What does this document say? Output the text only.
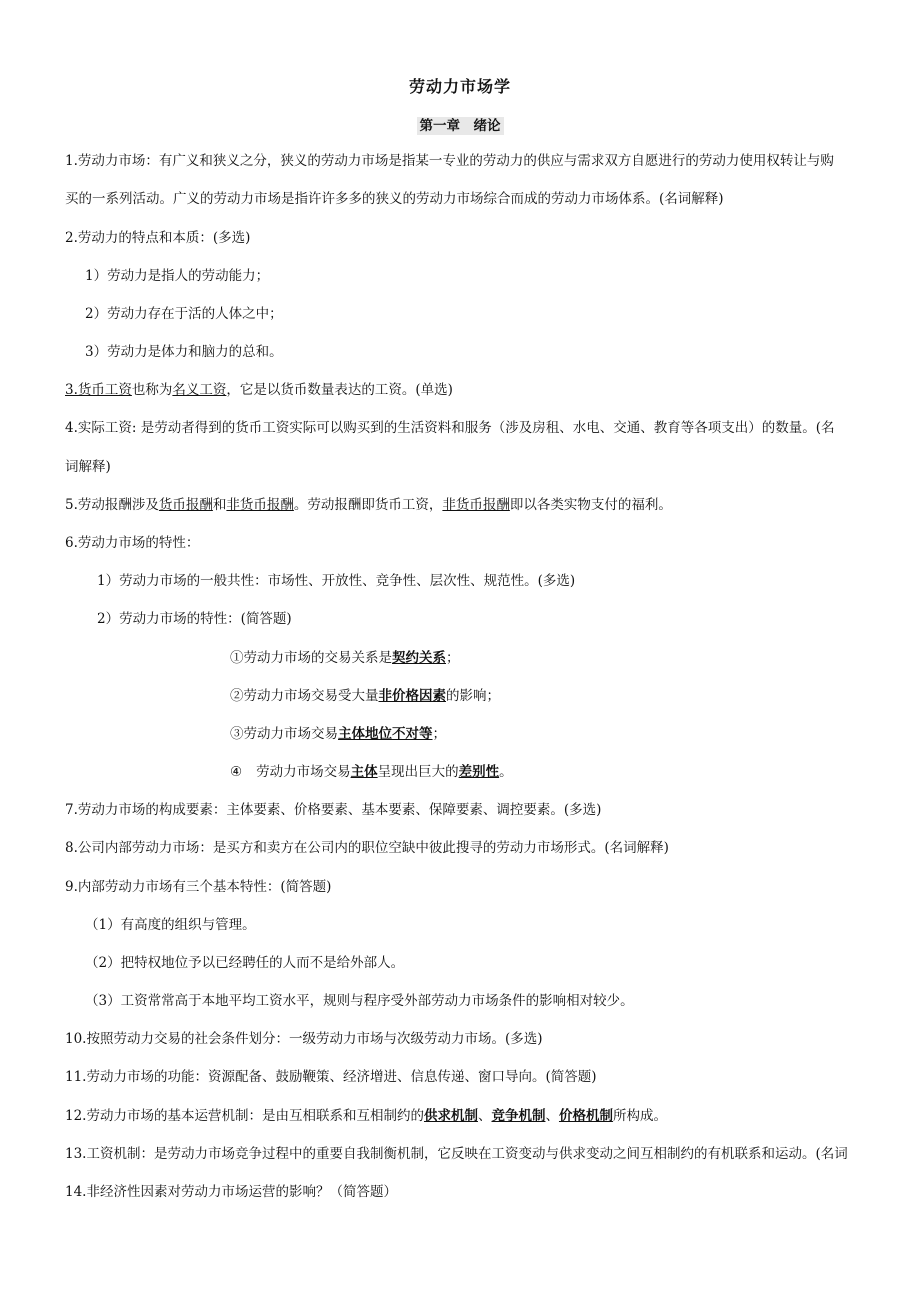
劳动力市场学
第一章　绪论
1.劳动力市场：有广义和狭义之分，狭义的劳动力市场是指某一专业的劳动力的供应与需求双方自愿进行的劳动力使用权转让与购
买的一系列活动。广义的劳动力市场是指许许多多的狭义的劳动力市场综合而成的劳动力市场体系。(名词解释)
2.劳动力的特点和本质：(多选)
1）劳动力是指人的劳动能力；
2）劳动力存在于活的人体之中；
3）劳动力是体力和脑力的总和。
3.货币工资也称为名义工资，它是以货币数量表达的工资。(单选)
4.实际工资: 是劳动者得到的货币工资实际可以购买到的生活资料和服务（涉及房租、水电、交通、教育等各项支出）的数量。(名
词解释)
5.劳动报酬涉及货币报酬和非货币报酬。劳动报酬即货币工资，非货币报酬即以各类实物支付的福利。
6.劳动力市场的特性：
1）劳动力市场的一般共性：市场性、开放性、竞争性、层次性、规范性。(多选)
2）劳动力市场的特性：(简答题)
①劳动力市场的交易关系是契约关系；
②劳动力市场交易受大量非价格因素的影响；
③劳动力市场交易主体地位不对等；
④ 劳动力市场交易主体呈现出巨大的差别性。
7.劳动力市场的构成要素：主体要素、价格要素、基本要素、保障要素、调控要素。(多选)
8.公司内部劳动力市场：是买方和卖方在公司内的职位空缺中彼此搜寻的劳动力市场形式。(名词解释)
9.内部劳动力市场有三个基本特性：(简答题)
（1）有高度的组织与管理。
（2）把特权地位予以已经聘任的人而不是给外部人。
（3）工资常常高于本地平均工资水平，规则与程序受外部劳动力市场条件的影响相对较少。
10.按照劳动力交易的社会条件划分：一级劳动力市场与次级劳动力市场。(多选)
11.劳动力市场的功能：资源配备、鼓励鞭策、经济增进、信息传递、窗口导向。(简答题)
12.劳动力市场的基本运营机制：是由互相联系和互相制约的供求机制、竞争机制、价格机制所构成。
13.工资机制：是劳动力市场竞争过程中的重要自我制衡机制，它反映在工资变动与供求变动之间互相制约的有机联系和运动。(名词
14.非经济性因素对劳动力市场运营的影响？（简答题）
